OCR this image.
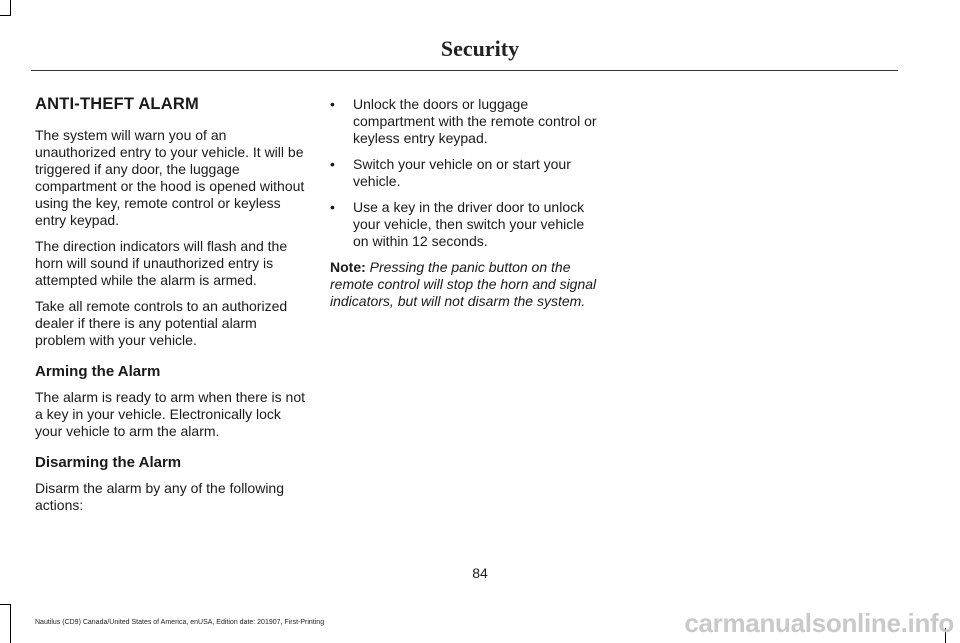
Security
ANTI-THEFT ALARM

The system will warn you of an unauthorized entry to your vehicle. It will be triggered if any door, the luggage compartment or the hood is opened without using the key, remote control or keyless entry keypad.

The direction indicators will flash and the horn will sound if unauthorized entry is attempted while the alarm is armed.

Take all remote controls to an authorized dealer if there is any potential alarm problem with your vehicle.

Arming the Alarm

The alarm is ready to arm when there is not a key in your vehicle. Electronically lock your vehicle to arm the alarm.

Disarming the Alarm

Disarm the alarm by any of the following actions:

• Unlock the doors or luggage compartment with the remote control or keyless entry keypad.
• Switch your vehicle on or start your vehicle.
• Use a key in the driver door to unlock your vehicle, then switch your vehicle on within 12 seconds.

Note: Pressing the panic button on the remote control will stop the horn and signal indicators, but will not disarm the system.

84
Nautilus (CD9) Canada/United States of America, enUSA, Edition date: 201907, First-Printing	carmanualsonline.info
